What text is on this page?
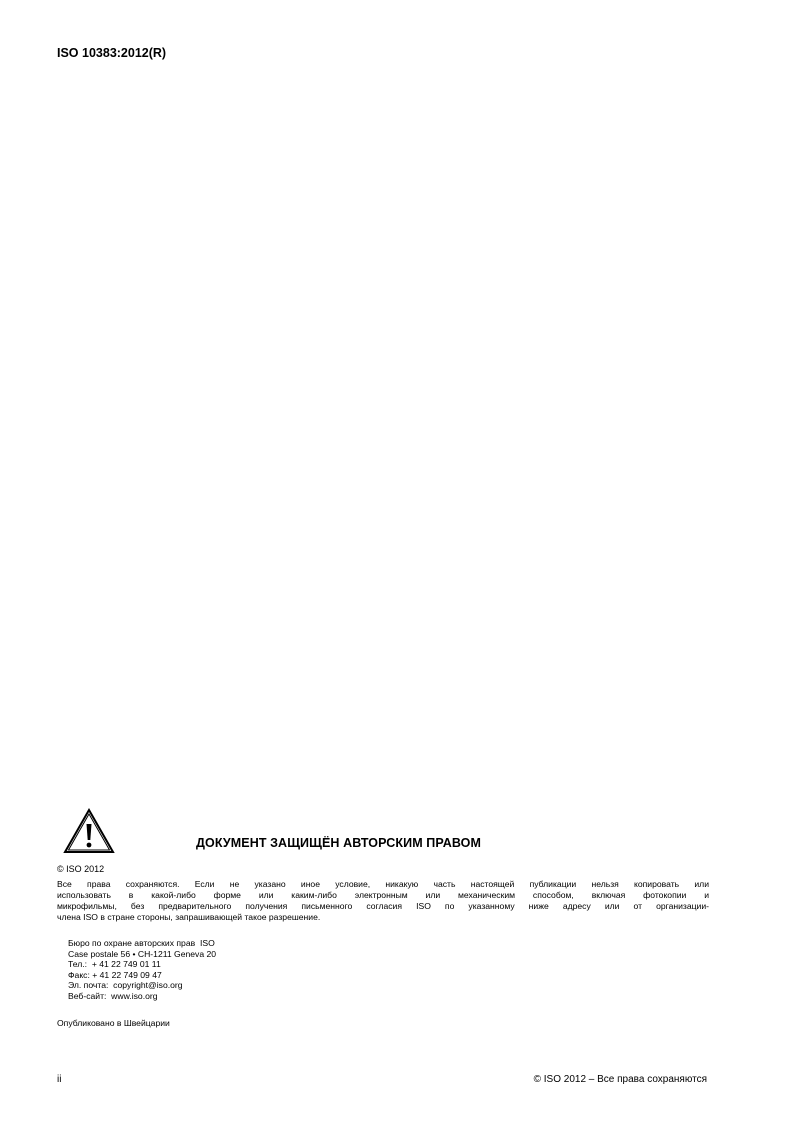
ISO 10383:2012(R)
ДОКУМЕНТ ЗАЩИЩЁН АВТОРСКИМ ПРАВОМ
© ISO 2012
Все права сохраняются. Если не указано иное условие, никакую часть настоящей публикации нельзя копировать или
использовать в какой-либо форме или каким-либо электронным или механическим способом, включая фотокопии и
микрофильмы, без предварительного получения письменного согласия ISO по указанному ниже адресу или от организации-
члена ISO в стране стороны, запрашивающей такое разрешение.
Бюро по охране авторских прав  ISO
Case postale 56 • CH-1211 Geneva 20
Тел.:  + 41 22 749 01 11
Факс: + 41 22 749 09 47
Эл. почта:  copyright@iso.org
Веб-сайт:  www.iso.org
Опубликовано в Швейцарии
ii	© ISO 2012 – Все права сохраняются
